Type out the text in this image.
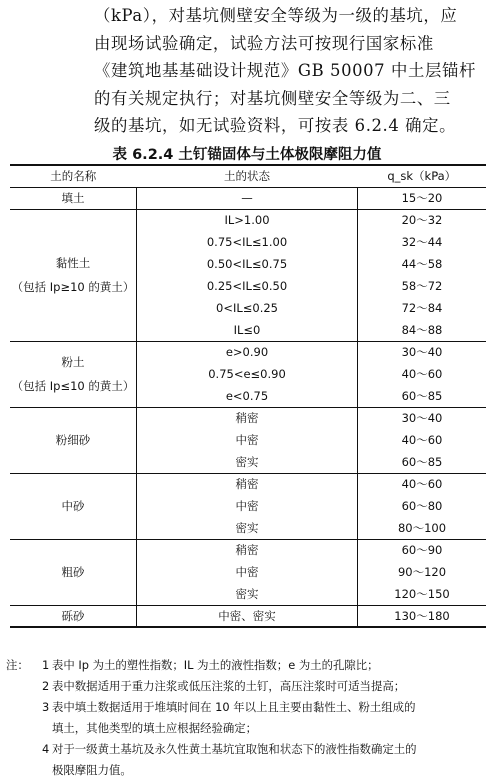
（kPa），对基坑侧壁安全等级为一级的基坑，应
由现场试验确定，试验方法可按现行国家标准
《建筑地基基础设计规范》GB 50007 中土层锚杆
的有关规定执行；对基坑侧壁安全等级为二、三
级的基坑，如无试验资料，可按表 6.2.4 确定。
表 6.2.4 土钉锚固体与土体极限摩阻力值
土的名称	土的状态	q_sk（kPa）

填土	—	15～20

黏性土
（包括 Ip≥10 的黄土）	IL>1.00	20～32
	0.75<IL≤1.00	32～44
	0.50<IL≤0.75	44～58
	0.25<IL≤0.50	58～72
	0<IL≤0.25	72～84
	IL≤0	84～88

粉土
（包括 Ip≤10 的黄土）	e>0.90	30～40
	0.75<e≤0.90	40～60
	e<0.75	60～85

粉细砂	稍密	30～40
	中密	40～60
	密实	60～85

中砂	稍密	40～60
	中密	60～80
	密实	80～100

粗砂	稍密	60～90
	中密	90～120
	密实	120～150

砾砂	中密、密实	130～180
注： 1 表中 Ip 为土的塑性指数；IL 为土的液性指数；e 为土的孔隙比；
2 表中数据适用于重力注浆或低压注浆的土钉，高压注浆时可适当提高；
3 表中填土数据适用于堆填时间在 10 年以上且主要由黏性土、粉土组成的
填土，其他类型的填土应根据经验确定；
4 对于一级黄土基坑及永久性黄土基坑宜取饱和状态下的液性指数确定土的
极限摩阻力值。
